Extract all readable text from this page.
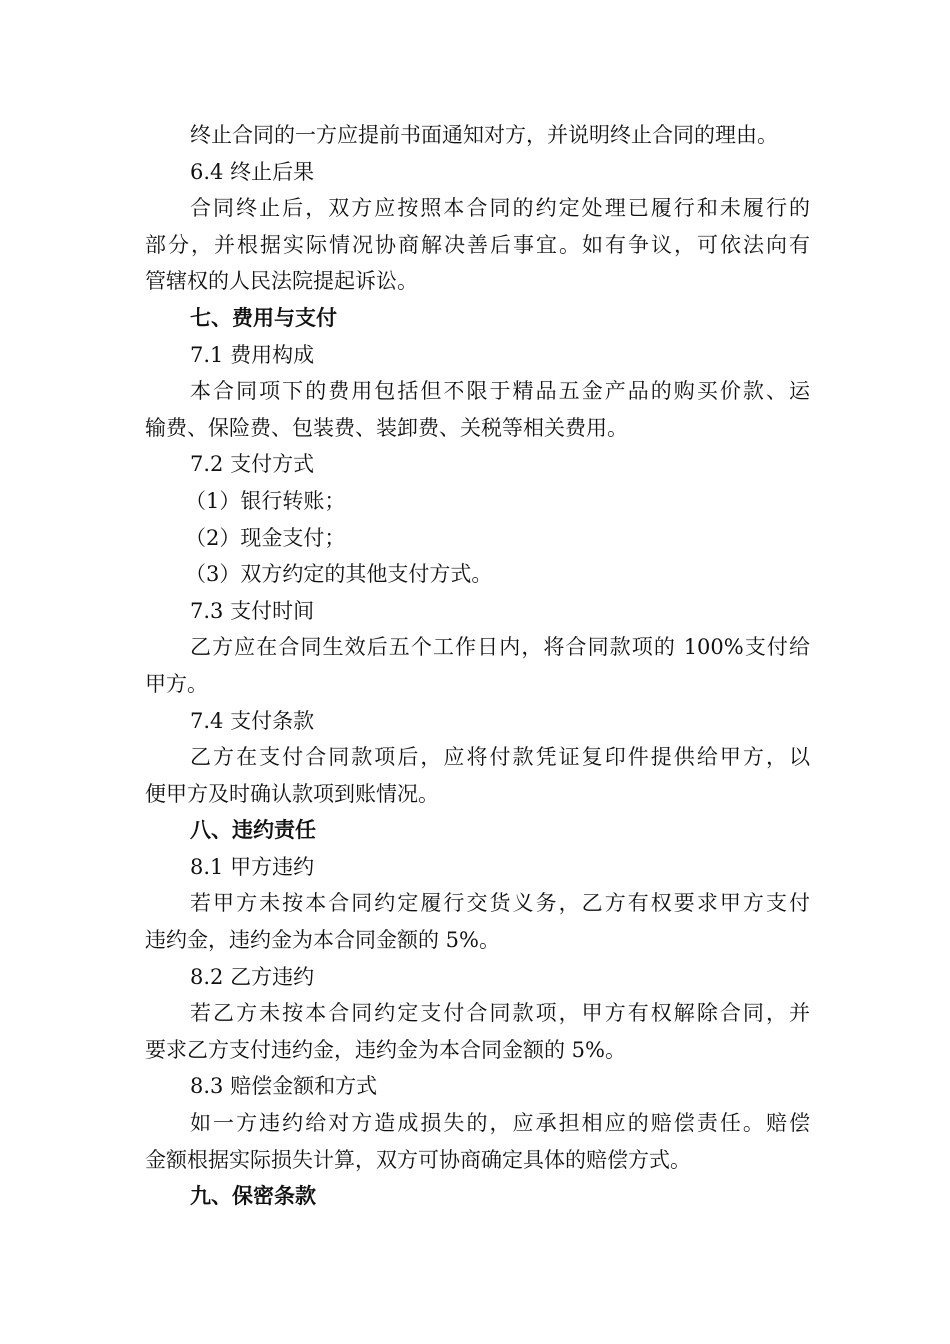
终止合同的一方应提前书面通知对方，并说明终止合同的理由。
6.4 终止后果
合同终止后，双方应按照本合同的约定处理已履行和未履行的
部分，并根据实际情况协商解决善后事宜。如有争议，可依法向有
管辖权的人民法院提起诉讼。
七、费用与支付
7.1 费用构成
本合同项下的费用包括但不限于精品五金产品的购买价款、运
输费、保险费、包装费、装卸费、关税等相关费用。
7.2 支付方式
（1）银行转账；
（2）现金支付；
（3）双方约定的其他支付方式。
7.3 支付时间
乙方应在合同生效后五个工作日内，将合同款项的 100%支付给
甲方。
7.4 支付条款
乙方在支付合同款项后，应将付款凭证复印件提供给甲方，以
便甲方及时确认款项到账情况。
八、违约责任
8.1 甲方违约
若甲方未按本合同约定履行交货义务，乙方有权要求甲方支付
违约金，违约金为本合同金额的 5%。
8.2 乙方违约
若乙方未按本合同约定支付合同款项，甲方有权解除合同，并
要求乙方支付违约金，违约金为本合同金额的 5%。
8.3 赔偿金额和方式
如一方违约给对方造成损失的，应承担相应的赔偿责任。赔偿
金额根据实际损失计算，双方可协商确定具体的赔偿方式。
九、保密条款
